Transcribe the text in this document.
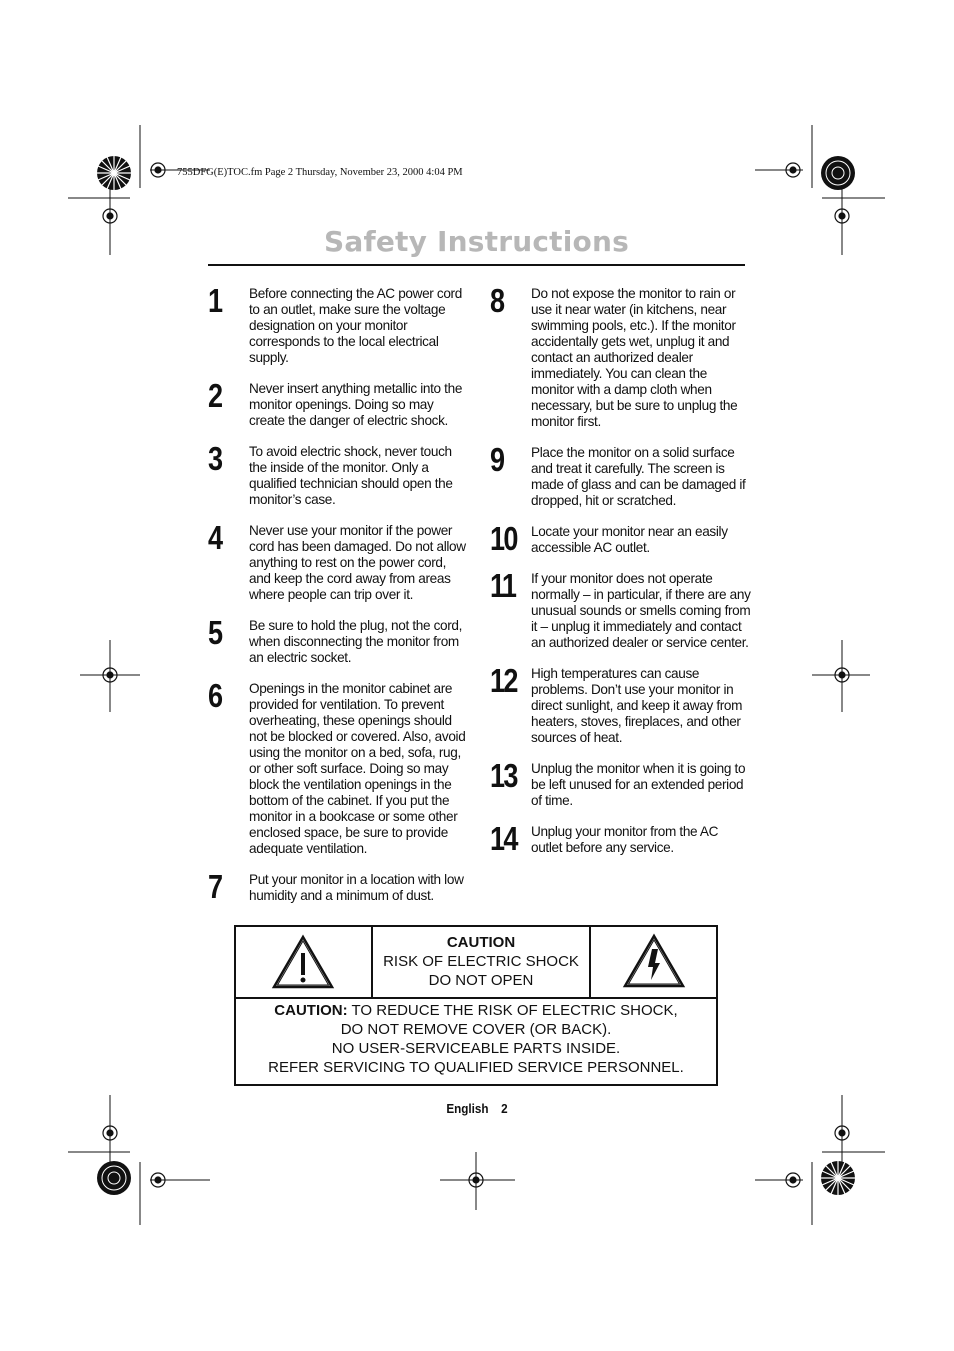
755DFG(E)TOC.fm Page 2 Thursday, November 23, 2000 4:04 PM
Safety Instructions
1	Before connecting the AC power cord to an outlet, make sure the voltage designation on your monitor corresponds to the local electrical supply.
2	Never insert anything metallic into the monitor openings. Doing so may create the danger of electric shock.
3	To avoid electric shock, never touch the inside of the monitor. Only a qualified technician should open the monitor’s case.
4	Never use your monitor if the power cord has been damaged. Do not allow anything to rest on the power cord, and keep the cord away from areas where people can trip over it.
5	Be sure to hold the plug, not the cord, when disconnecting the monitor from an electric socket.
6	Openings in the monitor cabinet are provided for ventilation. To prevent overheating, these openings should not be blocked or covered. Also, avoid using the monitor on a bed, sofa, rug, or other soft surface. Doing so may block the ventilation openings in the bottom of the cabinet. If you put the monitor in a bookcase or some other enclosed space, be sure to provide adequate ventilation.
7	Put your monitor in a location with low humidity and a minimum of dust.
8	Do not expose the monitor to rain or use it near water (in kitchens, near swimming pools, etc.). If the monitor accidentally gets wet, unplug it and contact an authorized dealer immediately. You can clean the monitor with a damp cloth when necessary, but be sure to unplug the monitor first.
9	Place the monitor on a solid surface and treat it carefully. The screen is made of glass and can be damaged if dropped, hit or scratched.
10	Locate your monitor near an easily accessible AC outlet.
11	If your monitor does not operate normally – in particular, if there are any unusual sounds or smells coming from it – unplug it immediately and contact an authorized dealer or service center.
12	High temperatures can cause problems. Don’t use your monitor in direct sunlight, and keep it away from heaters, stoves, fireplaces, and other sources of heat.
13	Unplug the monitor when it is going to be left unused for an extended period of time.
14	Unplug your monitor from the AC outlet before any service.
CAUTION
RISK OF ELECTRIC SHOCK
DO NOT OPEN
CAUTION: TO REDUCE THE RISK OF ELECTRIC SHOCK,
DO NOT REMOVE COVER (OR BACK).
NO USER-SERVICEABLE PARTS INSIDE.
REFER SERVICING TO QUALIFIED SERVICE PERSONNEL.
English 2
